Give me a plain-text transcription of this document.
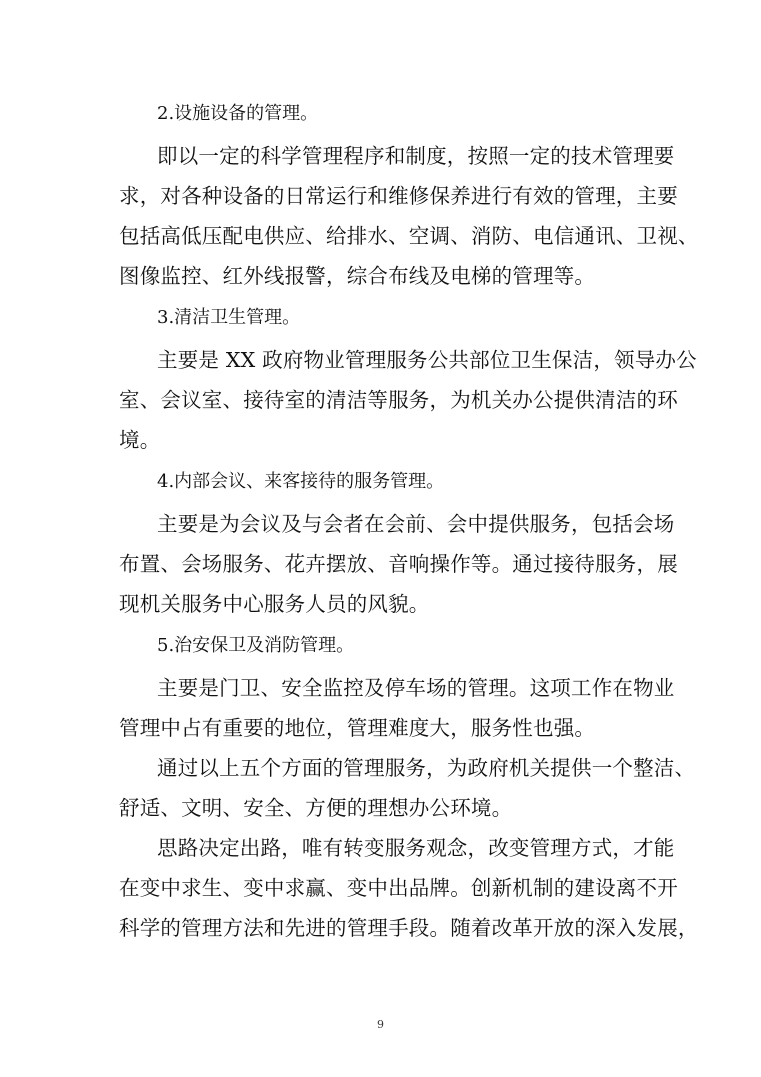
2.设施设备的管理。
即以一定的科学管理程序和制度，按照一定的技术管理要
求，对各种设备的日常运行和维修保养进行有效的管理，主要
包括高低压配电供应、给排水、空调、消防、电信通讯、卫视、
图像监控、红外线报警，综合布线及电梯的管理等。
3.清洁卫生管理。
主要是 XX 政府物业管理服务公共部位卫生保洁，领导办公
室、会议室、接待室的清洁等服务，为机关办公提供清洁的环
境。
4.内部会议、来客接待的服务管理。
主要是为会议及与会者在会前、会中提供服务，包括会场
布置、会场服务、花卉摆放、音响操作等。通过接待服务，展
现机关服务中心服务人员的风貌。
5.治安保卫及消防管理。
主要是门卫、安全监控及停车场的管理。这项工作在物业
管理中占有重要的地位，管理难度大，服务性也强。
通过以上五个方面的管理服务，为政府机关提供一个整洁、
舒适、文明、安全、方便的理想办公环境。
思路决定出路，唯有转变服务观念，改变管理方式，才能
在变中求生、变中求赢、变中出品牌。创新机制的建设离不开
科学的管理方法和先进的管理手段。随着改革开放的深入发展，
9
